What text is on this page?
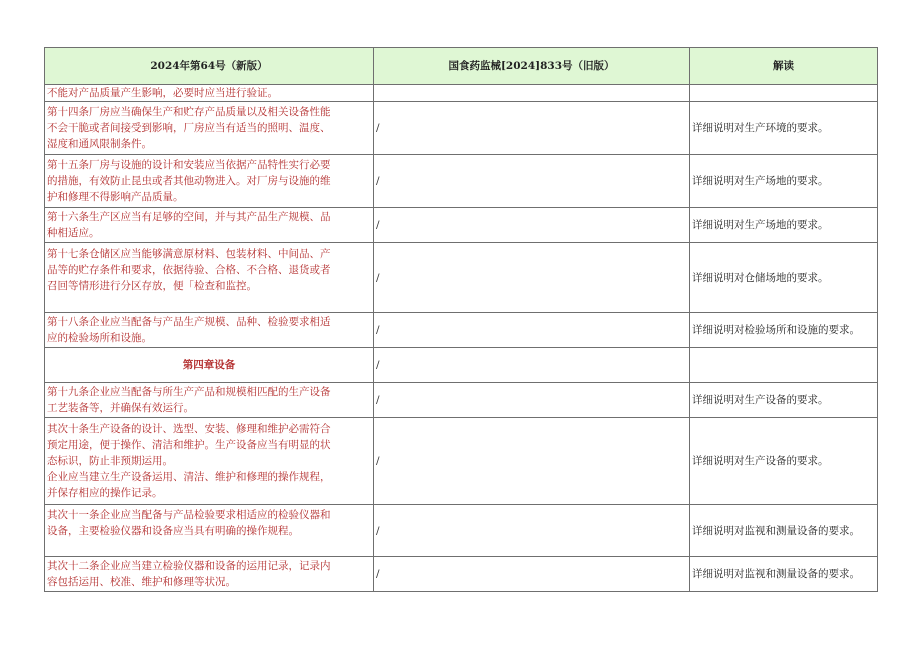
2024年第64号（新版）	国食药监械[2024]833号（旧版）	解读

不能对产品质量产生影响，必要时应当进行验证。		

第十四条厂房应当确保生产和贮存产品质量以及相关设备性能
不会干脆或者间接受到影响，厂房应当有适当的照明、温度、
湿度和通风限制条件。	/	详细说明对生产环境的要求。

第十五条厂房与设施的设计和安装应当依据产品特性实行必要
的措施，有效防止昆虫或者其他动物进入。对厂房与设施的维
护和修理不得影响产品质量。	/	详细说明对生产场地的要求。

第十六条生产区应当有足够的空间，并与其产品生产规模、品
种相适应。	/	详细说明对生产场地的要求。

第十七条仓储区应当能够满意原材料、包装材料、中间品、产
品等的贮存条件和要求，依据待验、合格、不合格、退货或者
召回等情形进行分区存放，便「检查和监控。	/	详细说明对仓储场地的要求。

第十八条企业应当配备与产品生产规模、品种、检验要求相适
应的检验场所和设施。	/	详细说明对检验场所和设施的要求。
第四章设备	/	

第十九条企业应当配备与所生产产品和规模相匹配的生产设备
工艺装备等，并确保有效运行。	/	详细说明对生产设备的要求。

其次十条生产设备的设计、选型、安装、修理和维护必需符合
预定用途，便于操作、清洁和维护。生产设备应当有明显的状
态标识，防止非预期运用。
企业应当建立生产设备运用、清洁、维护和修理的操作规程，
并保存相应的操作记录。	/	详细说明对生产设备的要求。

其次十一条企业应当配备与产品检验要求相适应的检验仪器和
设备，主要检验仪器和设备应当具有明确的操作规程。	/	详细说明对监视和测量设备的要求。

其次十二条企业应当建立检验仪器和设备的运用记录，记录内
容包括运用、校准、维护和修理等状况。	/	详细说明对监视和测量设备的要求。
